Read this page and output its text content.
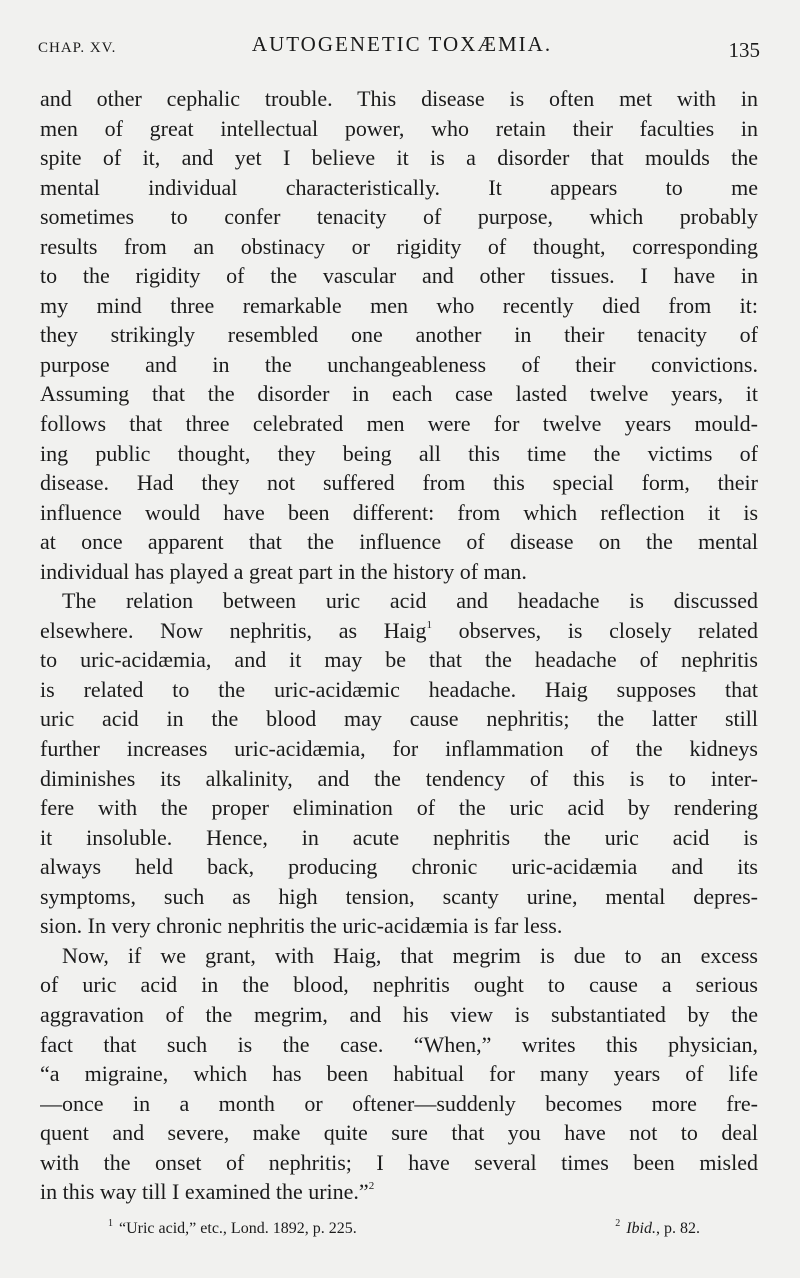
CHAP. XV.	AUTOGENETIC TOXÆMIA.	135
and other cephalic trouble. This disease is often met with in
men of great intellectual power, who retain their faculties in
spite of it, and yet I believe it is a disorder that moulds the
mental individual characteristically. It appears to me
sometimes to confer tenacity of purpose, which probably
results from an obstinacy or rigidity of thought, corresponding
to the rigidity of the vascular and other tissues. I have in
my mind three remarkable men who recently died from it:
they strikingly resembled one another in their tenacity of
purpose and in the unchangeableness of their convictions.
Assuming that the disorder in each case lasted twelve years, it
follows that three celebrated men were for twelve years mould-
ing public thought, they being all this time the victims of
disease. Had they not suffered from this special form, their
influence would have been different: from which reflection it is
at once apparent that the influence of disease on the mental
individual has played a great part in the history of man.
The relation between uric acid and headache is discussed
elsewhere. Now nephritis, as Haig$^1$ observes, is closely related
to uric-acidæmia, and it may be that the headache of nephritis
is related to the uric-acidæmic headache. Haig supposes that
uric acid in the blood may cause nephritis; the latter still
further increases uric-acidæmia, for inflammation of the kidneys
diminishes its alkalinity, and the tendency of this is to inter-
fere with the proper elimination of the uric acid by rendering
it insoluble. Hence, in acute nephritis the uric acid is
always held back, producing chronic uric-acidæmia and its
symptoms, such as high tension, scanty urine, mental depres-
sion. In very chronic nephritis the uric-acidæmia is far less.
Now, if we grant, with Haig, that megrim is due to an excess
of uric acid in the blood, nephritis ought to cause a serious
aggravation of the megrim, and his view is substantiated by the
fact that such is the case. “When,” writes this physician,
“a migraine, which has been habitual for many years of life
—once in a month or oftener—suddenly becomes more fre-
quent and severe, make quite sure that you have not to deal
with the onset of nephritis; I have several times been misled
in this way till I examined the urine.”$^2$
$^1$ “Uric acid,” etc., Lond. 1892, p. 225.	$^2$ Ibid., p. 82.
